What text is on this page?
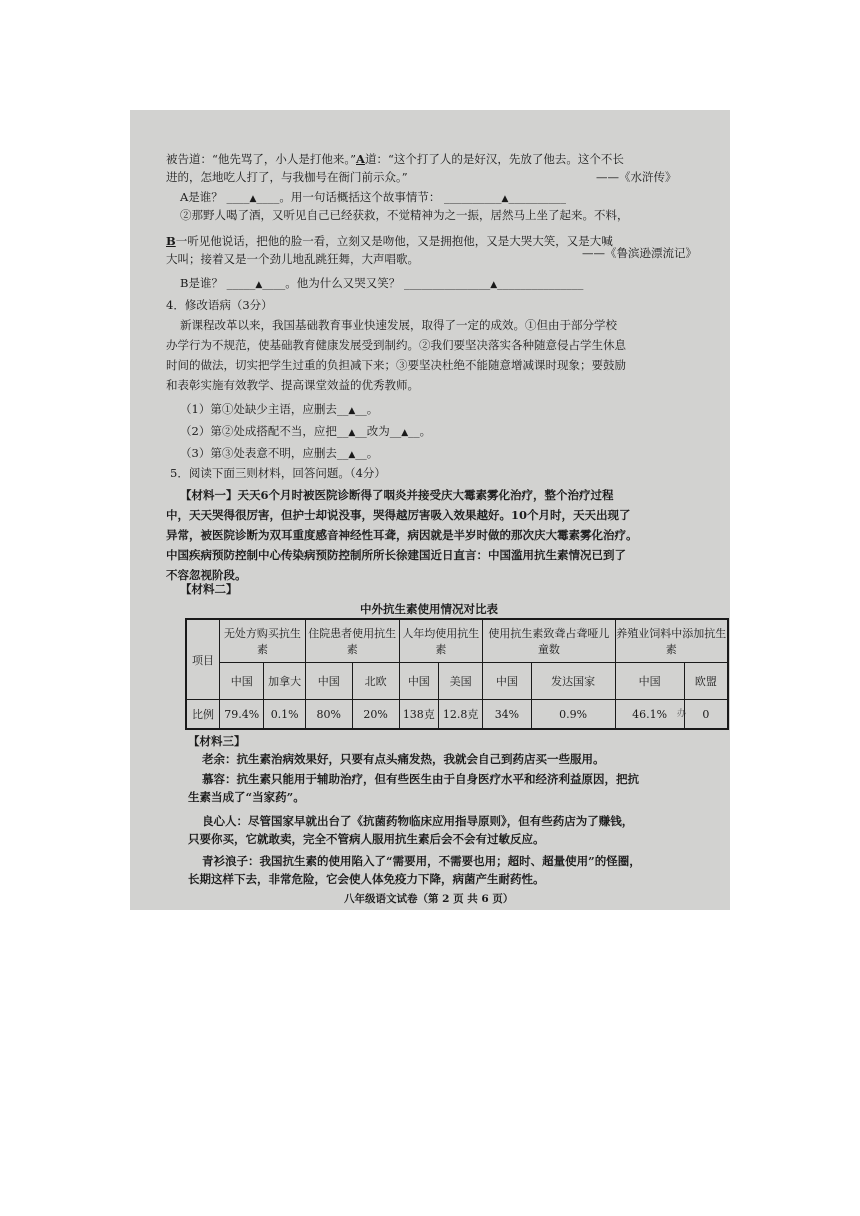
被告道：“他先骂了，小人是打他来。”A道：“这个打了人的是好汉，先放了他去。这个不长
进的，怎地吃人打了，与我枷号在衙门前示众。”	——《水浒传》
A是谁？ ____▲____。用一句话概括这个故事情节： __________▲__________
②那野人喝了酒，又听见自己已经获救，不觉精神为之一振，居然马上坐了起来。不料，
B一听见他说话，把他的脸一看，立刻又是吻他，又是拥抱他，又是大哭大笑，又是大喊
大叫；接着又是一个劲儿地乱跳狂舞，大声唱歌。	——《鲁滨逊漂流记》
B是谁？ _____▲____。他为什么又哭又笑？ _______________▲_______________
4．修改语病（3分）
新课程改革以来，我国基础教育事业快速发展，取得了一定的成效。①但由于部分学校
办学行为不规范，使基础教育健康发展受到制约。②我们要坚决落实各种随意侵占学生休息
时间的做法，切实把学生过重的负担减下来；③要坚决杜绝不能随意增减课时现象；要鼓励
和表彰实施有效教学、提高课堂效益的优秀教师。
（1）第①处缺少主语，应删去__▲__。
（2）第②处成搭配不当，应把__▲__改为__▲__。
（3）第③处表意不明，应删去__▲__。
5．阅读下面三则材料，回答问题。（4分）
【材料一】天天6个月时被医院诊断得了咽炎并接受庆大霉素雾化治疗，整个治疗过程
中，天天哭得很厉害，但护士却说没事，哭得越厉害吸入效果越好。10个月时，天天出现了
异常，被医院诊断为双耳重度感音神经性耳聋，病因就是半岁时做的那次庆大霉素雾化治疗。
中国疾病预防控制中心传染病预防控制所所长徐建国近日直言：中国滥用抗生素情况已到了
不容忽视阶段。
【材料二】
中外抗生素使用情况对比表
项目	无处方购买抗生素		住院患者使用抗生素		人年均使用抗生素		使用抗生素致聋占聋哑儿童数		养殖业饲料中添加抗生素	
	中国	加拿大	中国	北欧	中国	美国	中国	发达国家	中国	欧盟
比例	79.4%	0.1%	80%	20%	138克	12.8克	34%	0.9%	46.1%	0
办
【材料三】
老余：抗生素治病效果好，只要有点头痛发热，我就会自己到药店买一些服用。
慕容：抗生素只能用于辅助治疗，但有些医生由于自身医疗水平和经济利益原因，把抗
生素当成了“当家药”。
良心人：尽管国家早就出台了《抗菌药物临床应用指导原则》，但有些药店为了赚钱，
只要你买，它就敢卖，完全不管病人服用抗生素后会不会有过敏反应。
青衫浪子：我国抗生素的使用陷入了“需要用，不需要也用；超时、超量使用”的怪圈，
长期这样下去，非常危险，它会使人体免疫力下降，病菌产生耐药性。
八年级语文试卷（第 2 页 共 6 页）
